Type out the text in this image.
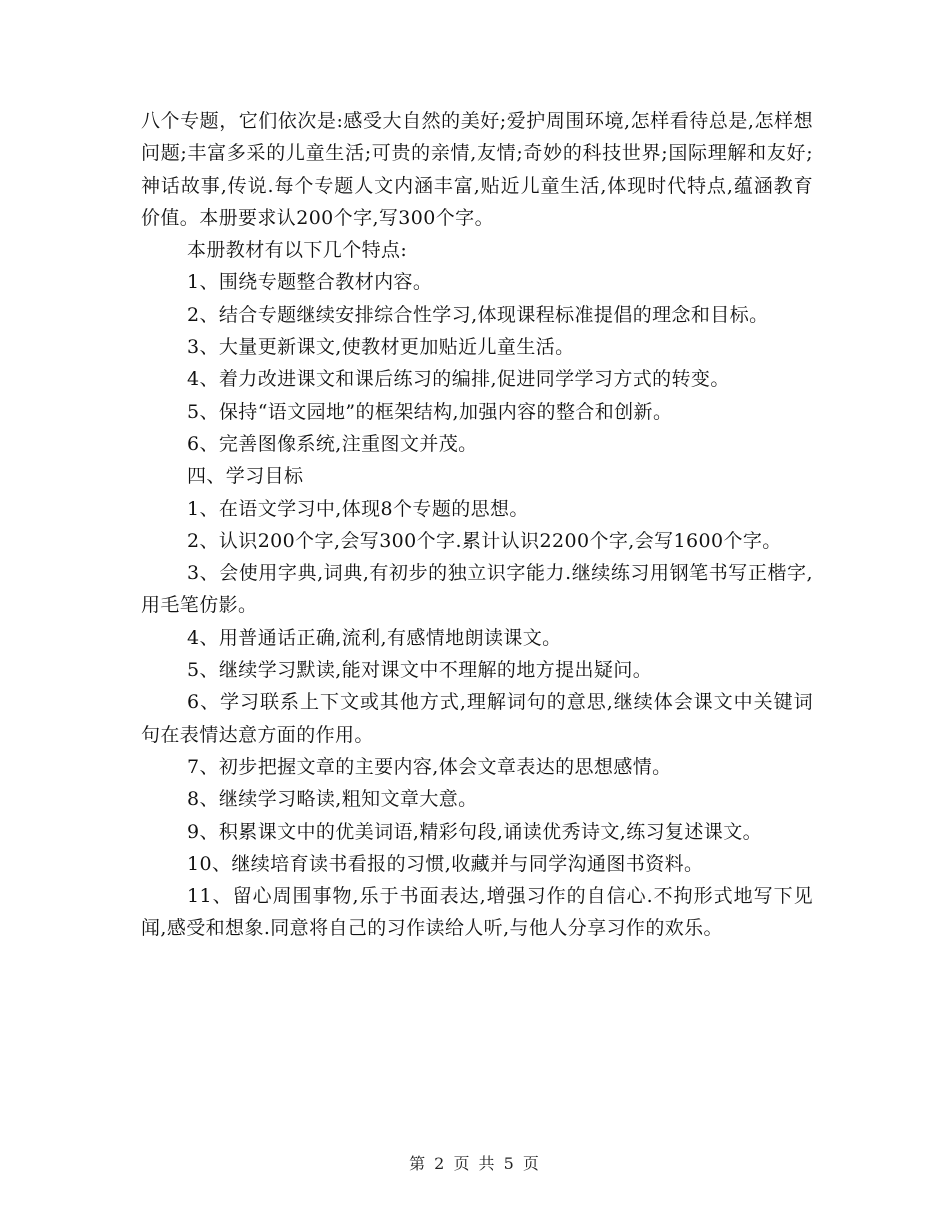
八个专题，它们依次是:感受大自然的美好;爱护周围环境,怎样看待总是,怎样想问题;丰富多采的儿童生活;可贵的亲情,友情;奇妙的科技世界;国际理解和友好;神话故事,传说.每个专题人文内涵丰富,贴近儿童生活,体现时代特点,蕴涵教育价值。本册要求认200个字,写300个字。

本册教材有以下几个特点:

1、围绕专题整合教材内容。

2、结合专题继续安排综合性学习,体现课程标准提倡的理念和目标。

3、大量更新课文,使教材更加贴近儿童生活。

4、着力改进课文和课后练习的编排,促进同学学习方式的转变。

5、保持“语文园地”的框架结构,加强内容的整合和创新。

6、完善图像系统,注重图文并茂。

四、学习目标

1、在语文学习中,体现8个专题的思想。

2、认识200个字,会写300个字.累计认识2200个字,会写1600个字。

3、会使用字典,词典,有初步的独立识字能力.继续练习用钢笔书写正楷字,用毛笔仿影。

4、用普通话正确,流利,有感情地朗读课文。

5、继续学习默读,能对课文中不理解的地方提出疑问。

6、学习联系上下文或其他方式,理解词句的意思,继续体会课文中关键词句在表情达意方面的作用。

7、初步把握文章的主要内容,体会文章表达的思想感情。

8、继续学习略读,粗知文章大意。

9、积累课文中的优美词语,精彩句段,诵读优秀诗文,练习复述课文。

10、继续培育读书看报的习惯,收藏并与同学沟通图书资料。

11、留心周围事物,乐于书面表达,增强习作的自信心.不拘形式地写下见闻,感受和想象.同意将自己的习作读给人听,与他人分享习作的欢乐。

第 2 页 共 5 页
